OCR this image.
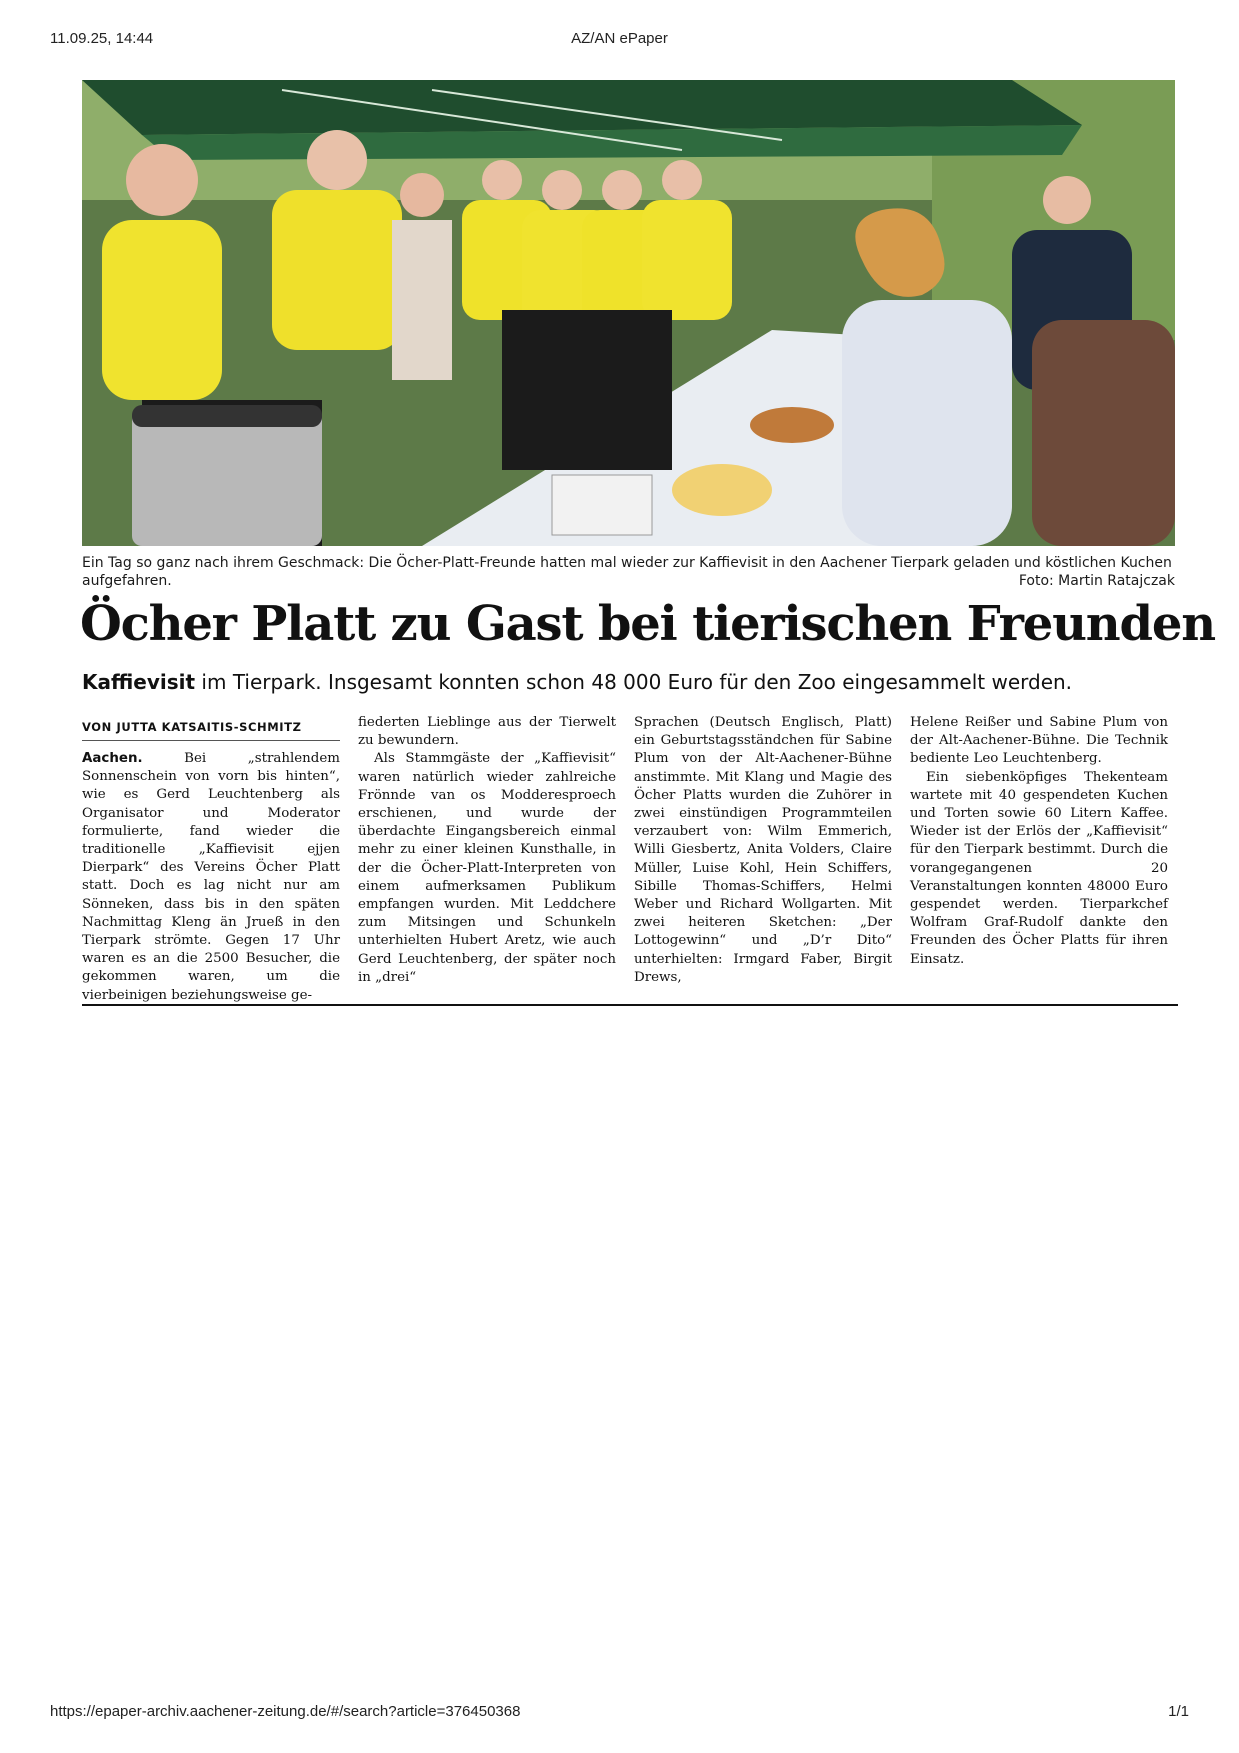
11.09.25, 14:44	AZ/AN ePaper
Ein Tag so ganz nach ihrem Geschmack: Die Öcher-Platt-Freunde hatten mal wieder zur Kaffievisit in den Aachener Tierpark geladen und köstlichen Kuchen aufgefahren.	Foto: Martin Ratajczak
Öcher Platt zu Gast bei tierischen Freunden
Kaffievisit im Tierpark. Insgesamt konnten schon 48 000 Euro für den Zoo eingesammelt werden.
VON JUTTA KATSAITIS-SCHMITZ
Aachen. Bei „strahlendem Sonnenschein von vorn bis hinten“, wie es Gerd Leuchtenberg als Organisator und Moderator formulierte, fand wieder die traditionelle „Kaffievisit ejjen Dierpark“ des Vereins Öcher Platt statt. Doch es lag nicht nur am Sönneken, dass bis in den späten Nachmittag Kleng än Jrueß in den Tierpark strömte. Gegen 17 Uhr waren es an die 2500 Besucher, die gekommen waren, um die vierbeinigen beziehungsweise ge-
fiederten Lieblinge aus der Tierwelt zu bewundern.
Als Stammgäste der „Kaffievisit“ waren natürlich wieder zahlreiche Frönnde van os Modderesproech erschienen, und wurde der überdachte Eingangsbereich einmal mehr zu einer kleinen Kunsthalle, in der die Öcher-Platt-Interpreten von einem aufmerksamen Publikum empfangen wurden. Mit Leddchere zum Mitsingen und Schunkeln unterhielten Hubert Aretz, wie auch Gerd Leuchtenberg, der später noch in „drei“
Sprachen (Deutsch Englisch, Platt) ein Geburtstagsständchen für Sabine Plum von der Alt-Aachener-Bühne anstimmte. Mit Klang und Magie des Öcher Platts wurden die Zuhörer in zwei einstündigen Programmteilen verzaubert von: Wilm Emmerich, Willi Giesbertz, Anita Volders, Claire Müller, Luise Kohl, Hein Schiffers, Sibille Thomas-Schiffers, Helmi Weber und Richard Wollgarten. Mit zwei heiteren Sketchen: „Der Lottogewinn“ und „D’r Dito“ unterhielten: Irmgard Faber, Birgit Drews,
Helene Reißer und Sabine Plum von der Alt-Aachener-Bühne. Die Technik bediente Leo Leuchtenberg.
Ein siebenköpfiges Thekenteam wartete mit 40 gespendeten Kuchen und Torten sowie 60 Litern Kaffee. Wieder ist der Erlös der „Kaffievisit“ für den Tierpark bestimmt. Durch die vorangegangenen 20 Veranstaltungen konnten 48000 Euro gespendet werden. Tierparkchef Wolfram Graf-Rudolf dankte den Freunden des Öcher Platts für ihren Einsatz.
https://epaper-archiv.aachener-zeitung.de/#/search?article=376450368	1/1
